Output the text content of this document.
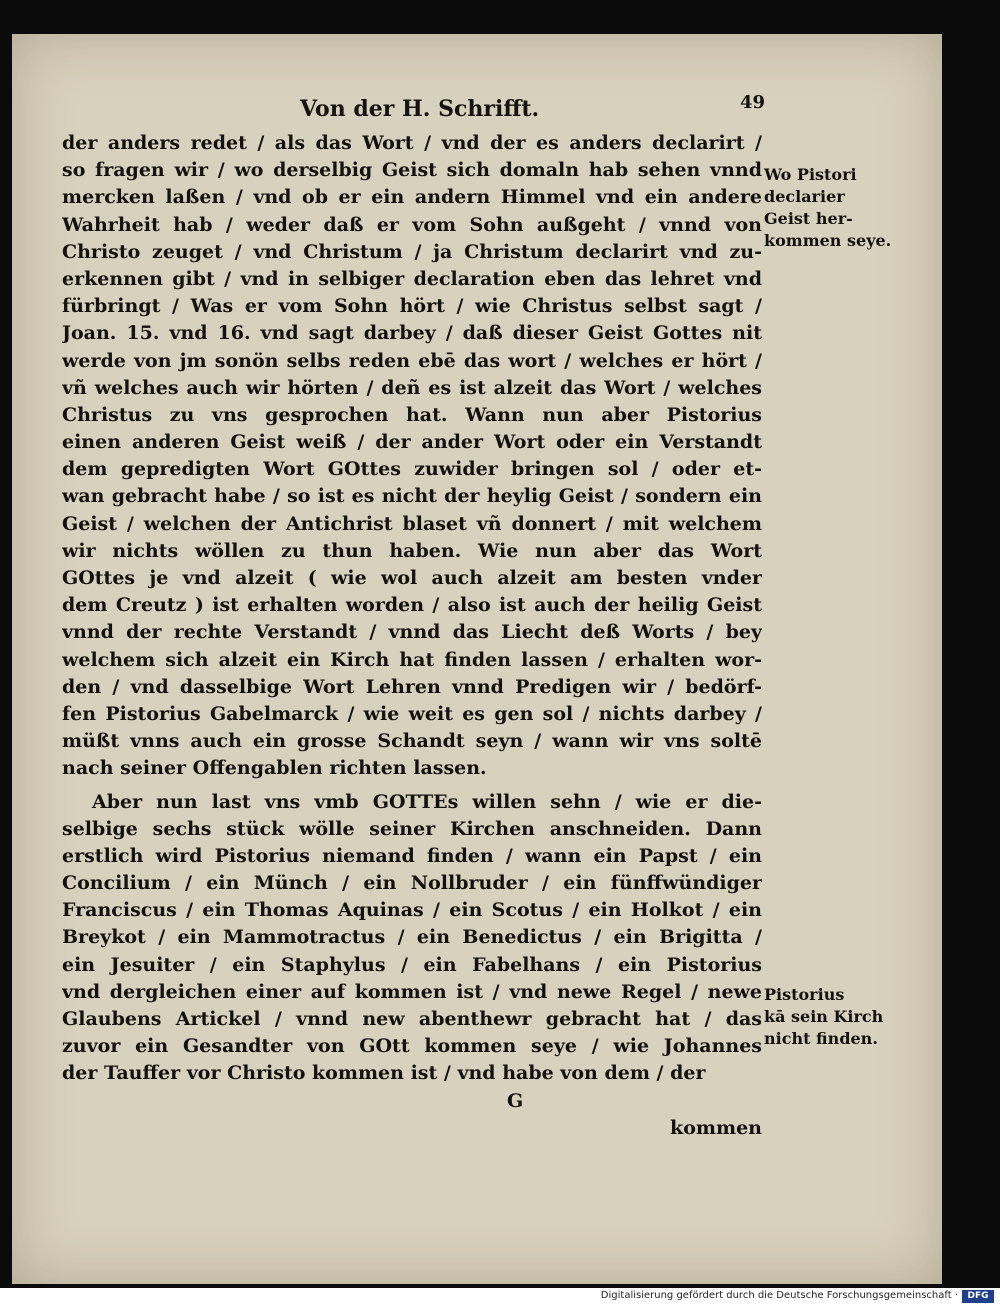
Von der H. Schrifft.	49
der anders redet / als das Wort / vnd der es anders declarirt /
so fragen wir / wo derselbig Geist sich domaln hab sehen vnnd
mercken laßen / vnd ob er ein andern Himmel vnd ein andere
Wahrheit hab / weder daß er vom Sohn außgeht / vnnd von
Christo zeuget / vnd Christum / ja Christum declarirt vnd zu-
erkennen gibt / vnd in selbiger declaration eben das lehret vnd
fürbringt / Was er vom Sohn hört / wie Christus selbst sagt /
Joan. 15. vnd 16. vnd sagt darbey / daß dieser Geist Gottes nit
werde von jm sonön selbs reden ebē das wort / welches er hört /
vñ welches auch wir hörten / deñ es ist alzeit das Wort / welches
Christus zu vns gesprochen hat. Wann nun aber Pistorius
einen anderen Geist weiß / der ander Wort oder ein Verstandt
dem gepredigten Wort GOttes zuwider bringen sol / oder et-
wan gebracht habe / so ist es nicht der heylig Geist / sondern ein
Geist / welchen der Antichrist blaset vñ donnert / mit welchem
wir nichts wöllen zu thun haben. Wie nun aber das Wort
GOttes je vnd alzeit ( wie wol auch alzeit am besten vnder
dem Creutz ) ist erhalten worden / also ist auch der heilig Geist
vnnd der rechte Verstandt / vnnd das Liecht deß Worts / bey
welchem sich alzeit ein Kirch hat finden lassen / erhalten wor-
den / vnd dasselbige Wort Lehren vnnd Predigen wir / bedörf-
fen Pistorius Gabelmarck / wie weit es gen sol / nichts darbey /
müßt vnns auch ein grosse Schandt seyn / wann wir vns soltē
nach seiner Offengablen richten lassen.
Aber nun last vns vmb GOTTEs willen sehn / wie er die-
selbige sechs stück wölle seiner Kirchen anschneiden. Dann
erstlich wird Pistorius niemand finden / wann ein Papst / ein
Concilium / ein Münch / ein Nollbruder / ein fünffwündiger
Franciscus / ein Thomas Aquinas / ein Scotus / ein Holkot / ein
Breykot / ein Mammotractus / ein Benedictus / ein Brigitta /
ein Jesuiter / ein Staphylus / ein Fabelhans / ein Pistorius
vnd dergleichen einer auf kommen ist / vnd newe Regel / newe
Glaubens Artickel / vnnd new abenthewr gebracht hat / das
zuvor ein Gesandter von GOtt kommen seye / wie Johannes
der Tauffer vor Christo kommen ist / vnd habe von dem / der
G
kommen
Wo Pistori
declarier
Geist her-
kommen seye.
Pistorius
kā sein Kirch
nicht finden.
Digitalisierung gefördert durch die Deutsche Forschungsgemeinschaft ·	DFG
